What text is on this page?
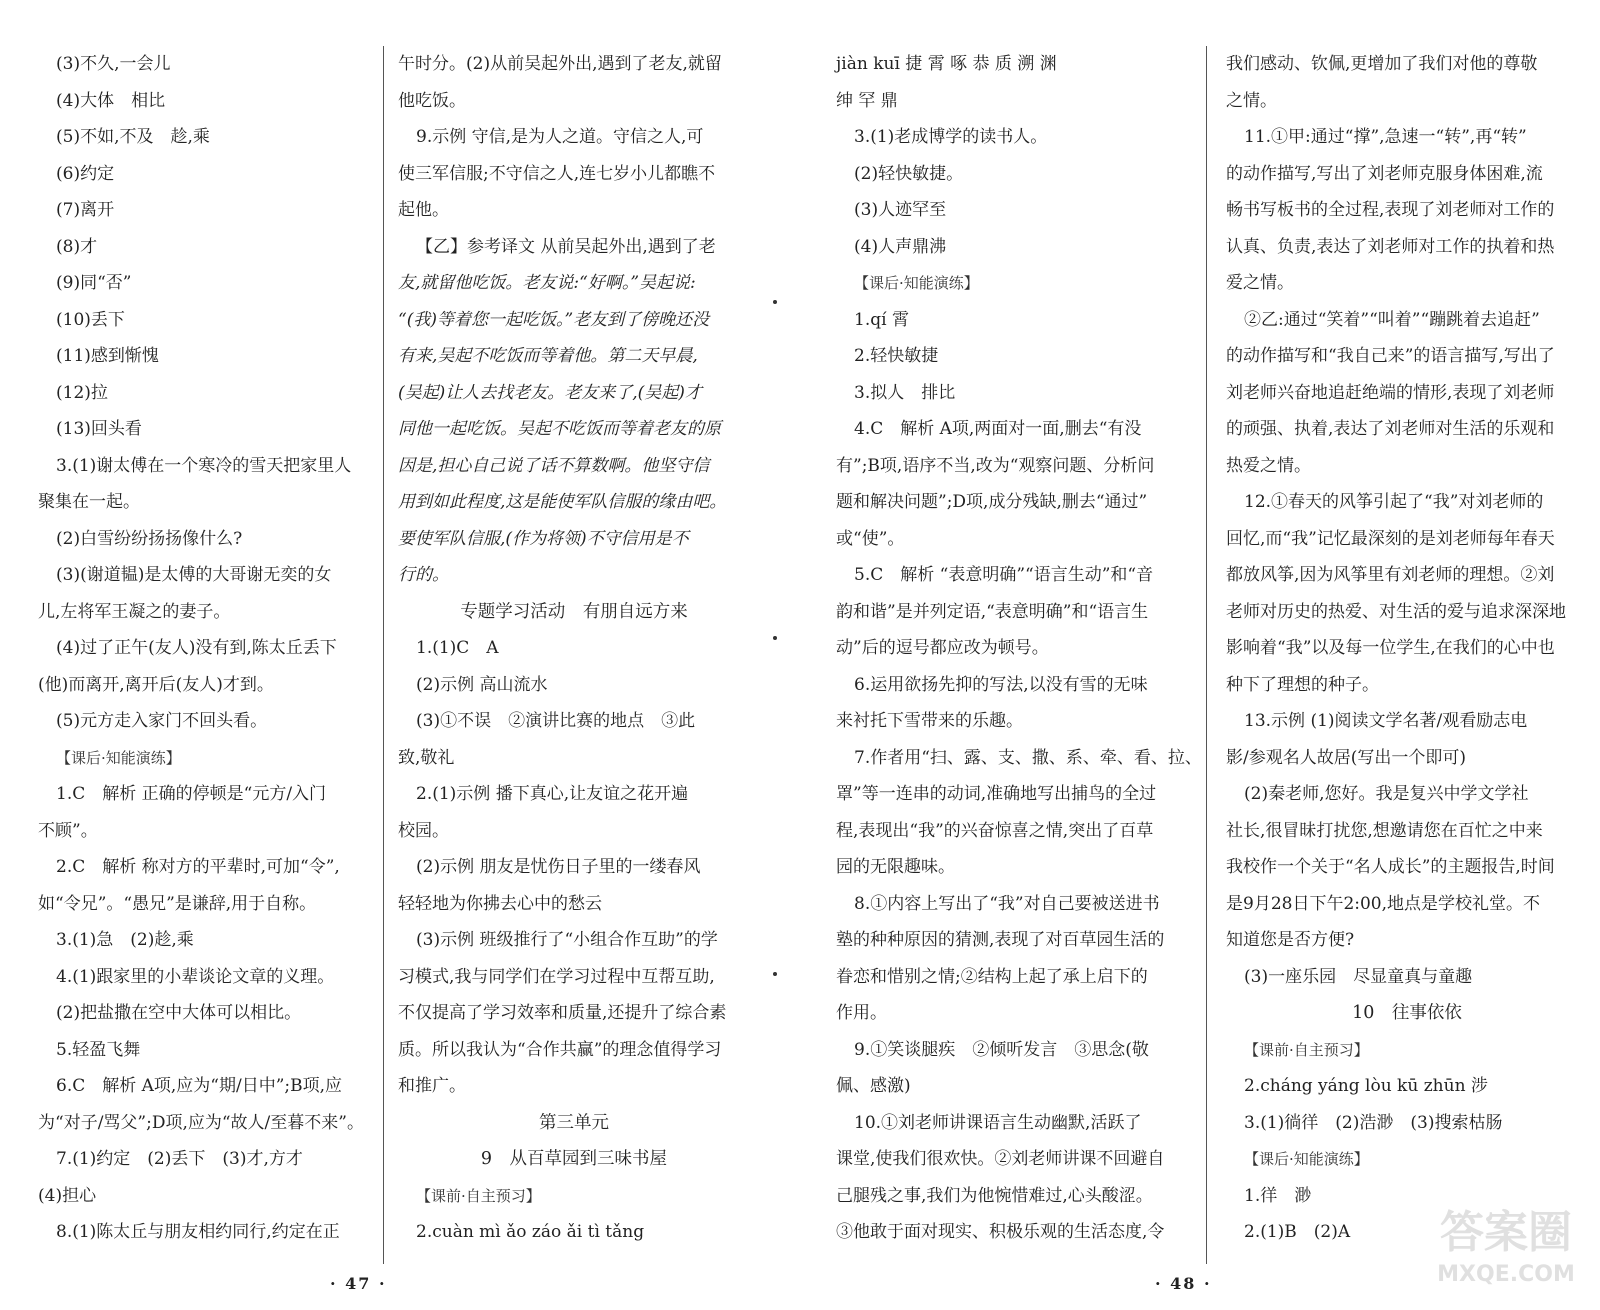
(3)不久,一会儿

(4)大体　相比

(5)不如,不及　趁,乘

(6)约定

(7)离开

(8)才

(9)同“否”

(10)丢下

(11)感到惭愧

(12)拉

(13)回头看

3.(1)谢太傅在一个寒冷的雪天把家里人

聚集在一起。

(2)白雪纷纷扬扬像什么?

(3)(谢道韫)是太傅的大哥谢无奕的女

儿,左将军王凝之的妻子。

(4)过了正午(友人)没有到,陈太丘丢下

(他)而离开,离开后(友人)才到。

(5)元方走入家门不回头看。

【课后·知能演练】

1.C　解析 正确的停顿是“元方/入门

不顾”。

2.C　解析 称对方的平辈时,可加“令”,

如“令兄”。“愚兄”是谦辞,用于自称。

3.(1)急　(2)趁,乘

4.(1)跟家里的小辈谈论文章的义理。

(2)把盐撒在空中大体可以相比。

5.轻盈飞舞

6.C　解析 A项,应为“期/日中”;B项,应

为“对子/骂父”;D项,应为“故人/至暮不来”。

7.(1)约定　(2)丢下　(3)才,方才

(4)担心

8.(1)陈太丘与朋友相约同行,约定在正

午时分。(2)从前吴起外出,遇到了老友,就留

他吃饭。

9.示例 守信,是为人之道。守信之人,可

使三军信服;不守信之人,连七岁小儿都瞧不

起他。

【乙】参考译文 从前吴起外出,遇到了老

友,就留他吃饭。老友说:“好啊。”吴起说:

“(我)等着您一起吃饭。”老友到了傍晚还没

有来,吴起不吃饭而等着他。第二天早晨,

(吴起)让人去找老友。老友来了,(吴起)才

同他一起吃饭。吴起不吃饭而等着老友的原

因是,担心自己说了话不算数啊。他坚守信

用到如此程度,这是能使军队信服的缘由吧。

要使军队信服,(作为将领)不守信用是不

行的。

专题学习活动　有朋自远方来

1.(1)C　A

(2)示例 高山流水

(3)①不误　②演讲比赛的地点　③此

致,敬礼

2.(1)示例 播下真心,让友谊之花开遍

校园。

(2)示例 朋友是忧伤日子里的一缕春风

轻轻地为你拂去心中的愁云

(3)示例 班级推行了“小组合作互助”的学

习模式,我与同学们在学习过程中互帮互助,

不仅提高了学习效率和质量,还提升了综合素

质。所以我认为“合作共赢”的理念值得学习

和推广。

第三单元

9　从百草园到三味书屋

【课前·自主预习】

2.cuàn mì ǎo záo ǎi tì tǎng

· 47 ·

jiàn kuī 捷 霄 啄 恭 质 溯 渊

绅 罕 鼎

3.(1)老成博学的读书人。

(2)轻快敏捷。

(3)人迹罕至

(4)人声鼎沸

【课后·知能演练】

1.qí 霄

2.轻快敏捷

3.拟人　排比

4.C　解析 A项,两面对一面,删去“有没

有”;B项,语序不当,改为“观察问题、分析问

题和解决问题”;D项,成分残缺,删去“通过”

或“使”。

5.C　解析 “表意明确”“语言生动”和“音

韵和谐”是并列定语,“表意明确”和“语言生

动”后的逗号都应改为顿号。

6.运用欲扬先抑的写法,以没有雪的无味

来衬托下雪带来的乐趣。

7.作者用“扫、露、支、撒、系、牵、看、拉、

罩”等一连串的动词,准确地写出捕鸟的全过

程,表现出“我”的兴奋惊喜之情,突出了百草

园的无限趣味。

8.①内容上写出了“我”对自己要被送进书

塾的种种原因的猜测,表现了对百草园生活的

眷恋和惜别之情;②结构上起了承上启下的

作用。

9.①笑谈腿疾　②倾听发言　③思念(敬

佩、感激)

10.①刘老师讲课语言生动幽默,活跃了

课堂,使我们很欢快。②刘老师讲课不回避自

己腿残之事,我们为他惋惜难过,心头酸涩。

③他敢于面对现实、积极乐观的生活态度,令

我们感动、钦佩,更增加了我们对他的尊敬

之情。

11.①甲:通过“撑”,急速一“转”,再“转”

的动作描写,写出了刘老师克服身体困难,流

畅书写板书的全过程,表现了刘老师对工作的

认真、负责,表达了刘老师对工作的执着和热

爱之情。

②乙:通过“笑着”“叫着”“蹦跳着去追赶”

的动作描写和“我自己来”的语言描写,写出了

刘老师兴奋地追赶绝端的情形,表现了刘老师

的顽强、执着,表达了刘老师对生活的乐观和

热爱之情。

12.①春天的风筝引起了“我”对刘老师的

回忆,而“我”记忆最深刻的是刘老师每年春天

都放风筝,因为风筝里有刘老师的理想。②刘

老师对历史的热爱、对生活的爱与追求深深地

影响着“我”以及每一位学生,在我们的心中也

种下了理想的种子。

13.示例 (1)阅读文学名著/观看励志电

影/参观名人故居(写出一个即可)

(2)秦老师,您好。我是复兴中学文学社

社长,很冒昧打扰您,想邀请您在百忙之中来

我校作一个关于“名人成长”的主题报告,时间

是9月28日下午2:00,地点是学校礼堂。不

知道您是否方便?

(3)一座乐园　尽显童真与童趣

10　往事依依

【课前·自主预习】

2.cháng yáng lòu kū zhūn 涉

3.(1)徜徉　(2)浩渺　(3)搜索枯肠

【课后·知能演练】

1.徉　渺

2.(1)B　(2)A

· 48 ·
答案圈
MXQE.COM
